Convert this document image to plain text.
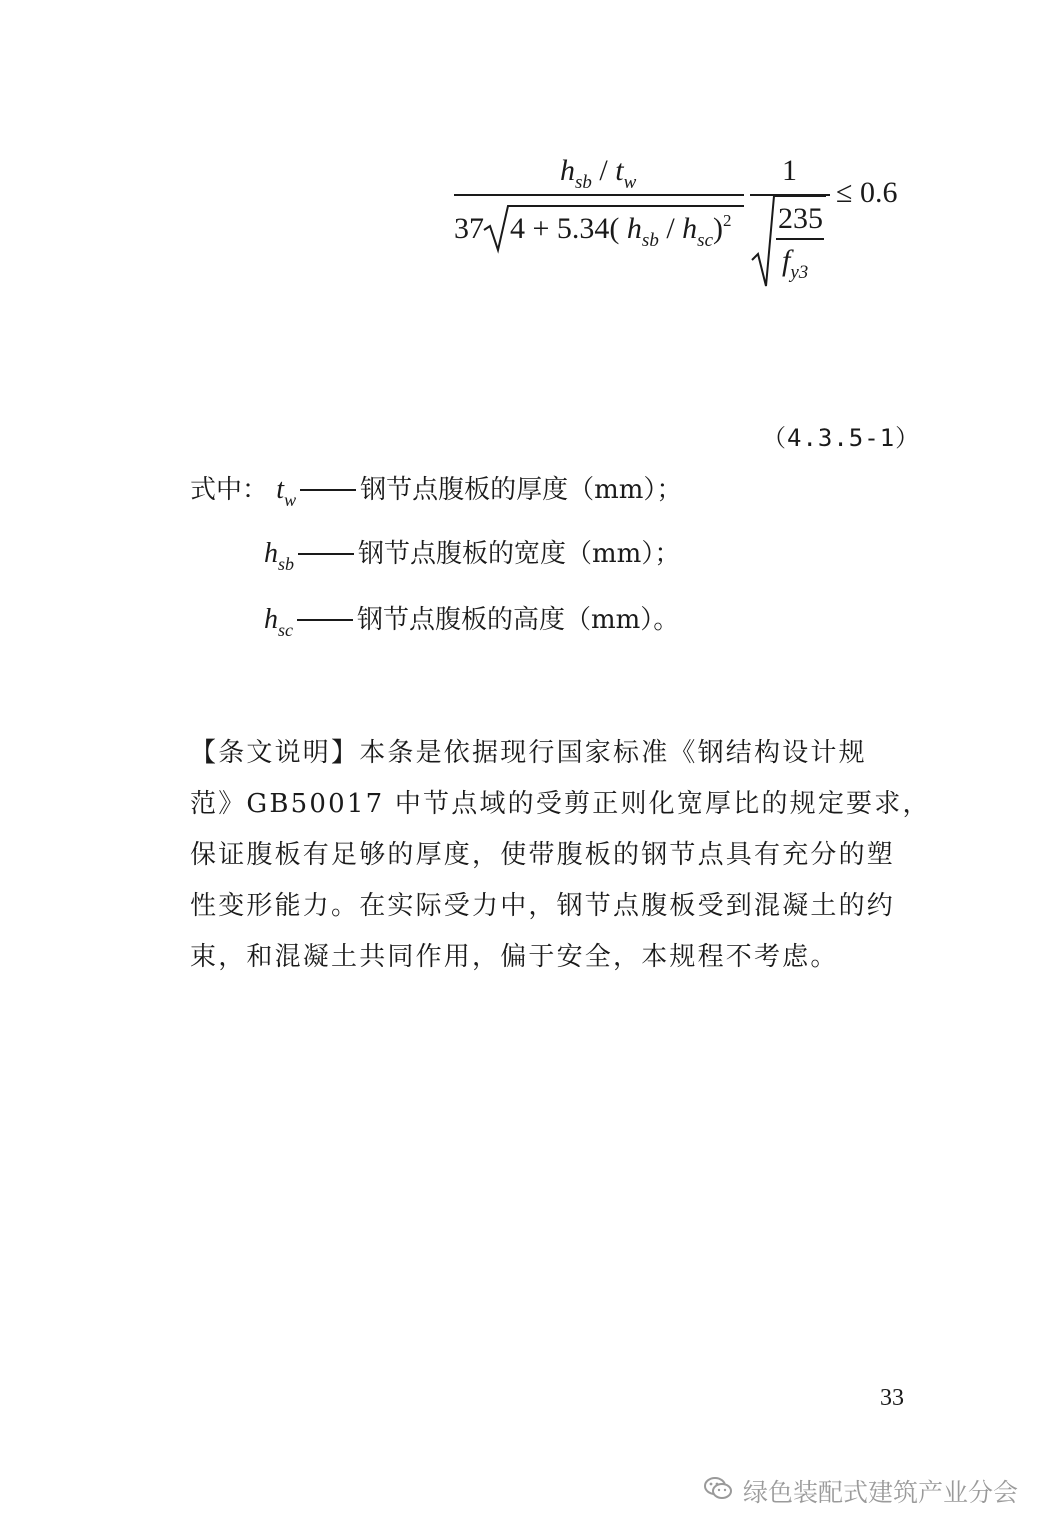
$h_{sb} / t_w$
37 4 + 5.34( $h_{sb} / h_{sc})^2$
1
235
$f_{y3}$
≤ 0.6
（4.3.5-1）
式中： $t_w$ 钢节点腹板的厚度（mm）；
$h_{sb}$ 钢节点腹板的宽度（mm）；
$h_{sc}$ 钢节点腹板的高度（mm）。
【条文说明】本条是依据现行国家标准《钢结构设计规
范》GB50017 中节点域的受剪正则化宽厚比的规定要求，
保证腹板有足够的厚度，使带腹板的钢节点具有充分的塑
性变形能力。在实际受力中，钢节点腹板受到混凝土的约
束，和混凝土共同作用，偏于安全，本规程不考虑。
33
绿色装配式建筑产业分会
